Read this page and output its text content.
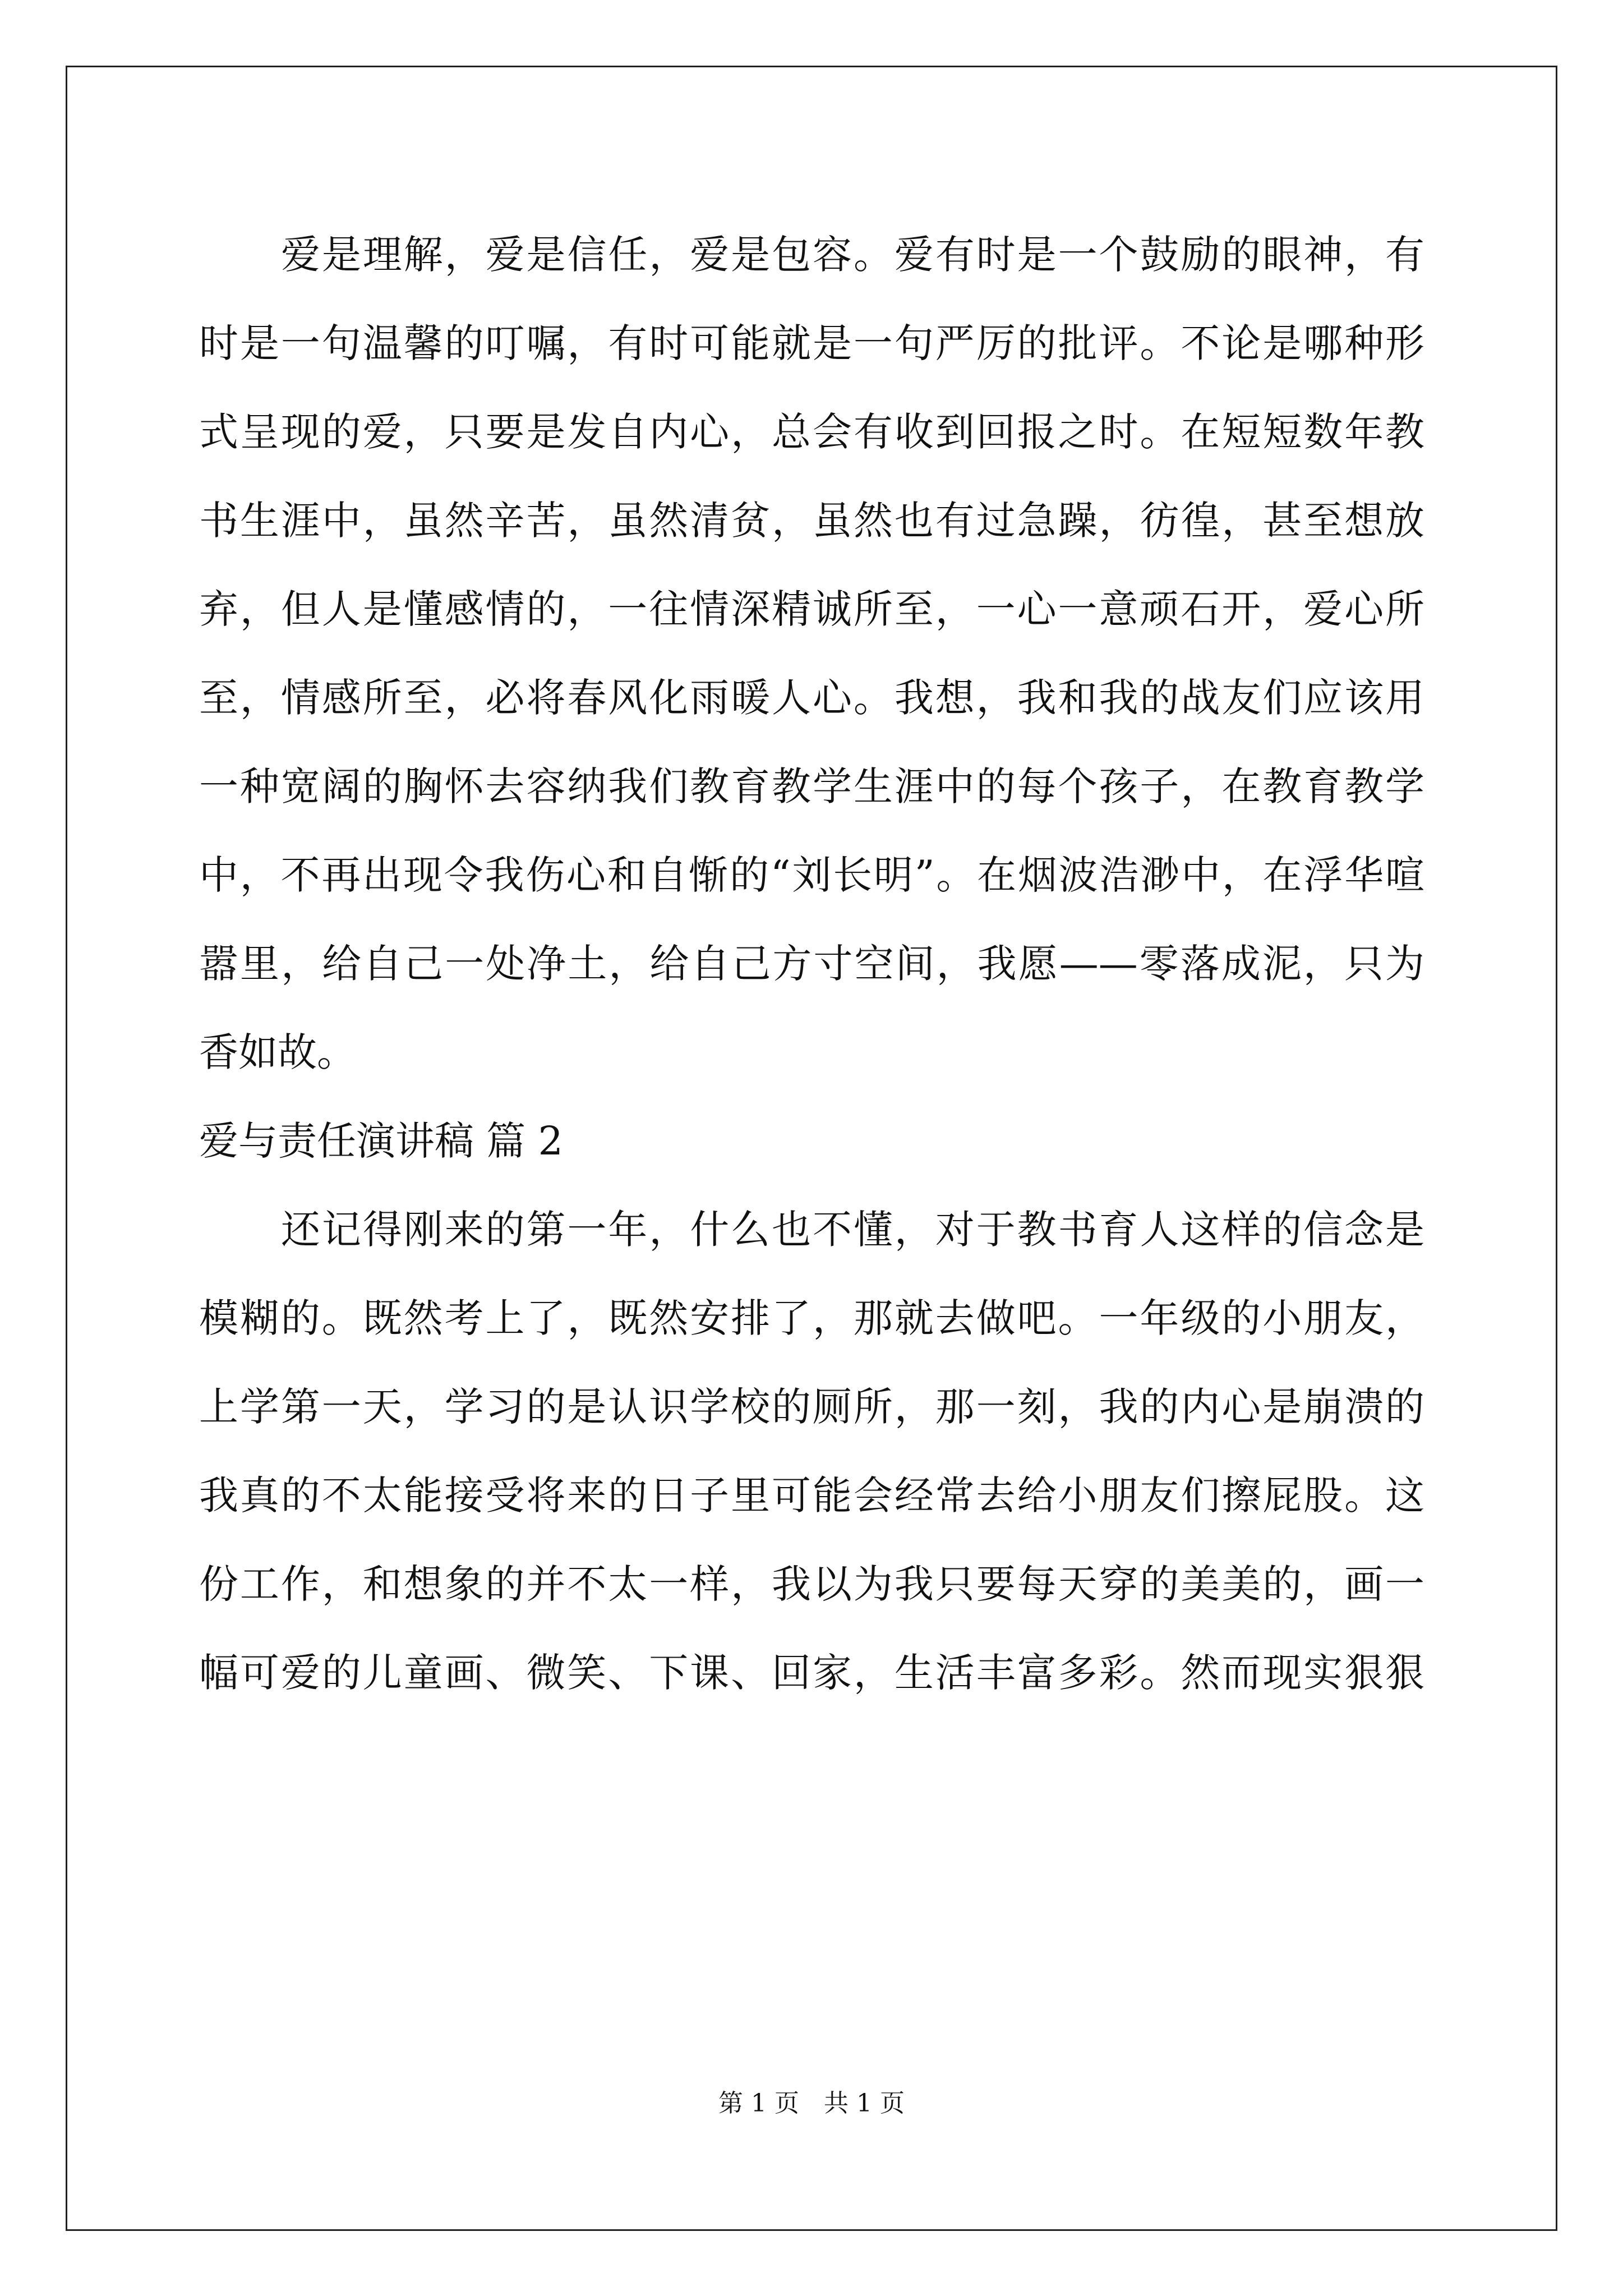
爱是理解，爱是信任，爱是包容。爱有时是一个鼓励的眼神，有
时是一句温馨的叮嘱，有时可能就是一句严厉的批评。不论是哪种形
式呈现的爱，只要是发自内心，总会有收到回报之时。在短短数年教
书生涯中，虽然辛苦，虽然清贫，虽然也有过急躁，彷徨，甚至想放
弃，但人是懂感情的，一往情深精诚所至，一心一意顽石开，爱心所
至，情感所至，必将春风化雨暖人心。我想，我和我的战友们应该用
一种宽阔的胸怀去容纳我们教育教学生涯中的每个孩子，在教育教学
中，不再出现令我伤心和自惭的“刘长明”。在烟波浩渺中，在浮华喧
嚣里，给自己一处净土，给自己方寸空间，我愿——零落成泥，只为
香如故。
爱与责任演讲稿 篇 2
还记得刚来的第一年，什么也不懂，对于教书育人这样的信念是
模糊的。既然考上了，既然安排了，那就去做吧。一年级的小朋友，
上学第一天，学习的是认识学校的厕所，那一刻，我的内心是崩溃的
我真的不太能接受将来的日子里可能会经常去给小朋友们擦屁股。这
份工作，和想象的并不太一样，我以为我只要每天穿的美美的，画一
幅可爱的儿童画、微笑、下课、回家，生活丰富多彩。然而现实狠狠
第 1 页　共 1 页
